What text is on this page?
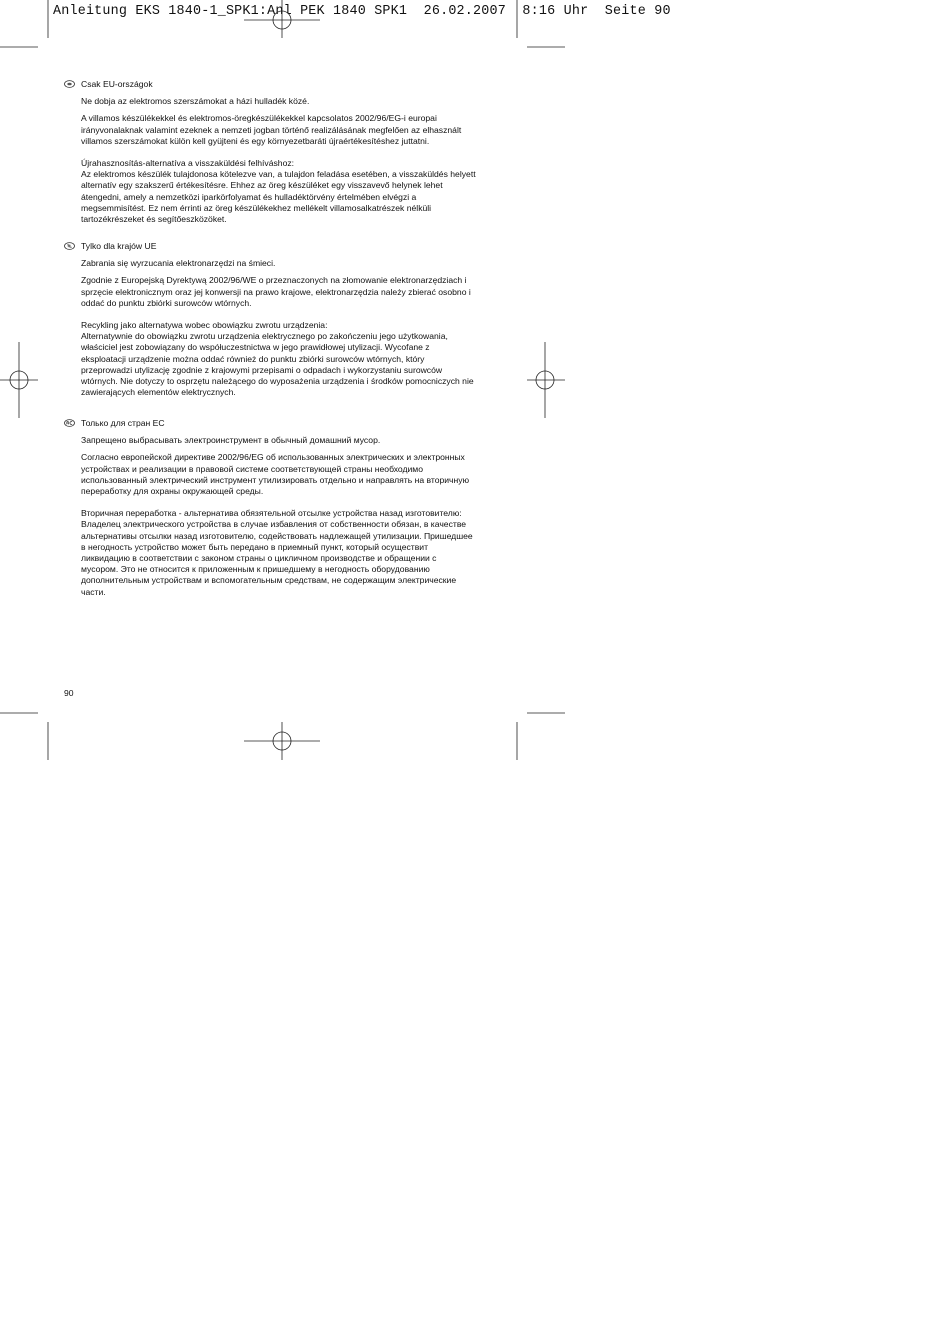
Anleitung EKS 1840-1_SPK1:Anl PEK 1840 SPK1  26.02.2007  8:16 Uhr  Seite 90
Csak EU-országok

Ne dobja az elektromos szerszámokat a házi hulladék közé.

A villamos készülékekkel és elektromos-öregkészülékekkel kapcsolatos 2002/96/EG-i europai
irányvonalaknak valamint ezeknek a nemzeti jogban történő realizálásának megfelően az elhasznált
villamos szerszámokat külön kell gyüjteni és egy környezetbaráti újraértékesítéshez juttatni.

Újrahasznosítás-alternatíva a visszaküldési felhíváshoz:
Az elektromos készülék tulajdonosa kötelezve van, a tulajdon feladása esetében, a visszaküldés helyett
alternatív egy szakszerű értékesítésre. Ehhez az öreg készüléket egy visszavevő helynek lehet
átengedni, amely a nemzetközi iparkörfolyamat és hulladéktörvény értelmében elvégzi a
megsemmisítést. Ez nem érrinti az öreg készülékekhez mellékelt villamosalkatrészek nélküli
tartozékrészeket és segítőeszközöket.

Tylko dla krajów UE

Zabrania się wyrzucania elektronarzędzi na śmieci.

Zgodnie z Europejską Dyrektywą 2002/96/WE o przeznaczonych na złomowanie elektronarzędziach i
sprzęcie elektronicznym oraz jej konwersji na prawo krajowe, elektronarzędzia należy zbierać osobno i
oddać do punktu zbiórki surowców wtórnych.

Recykling jako alternatywa wobec obowiązku zwrotu urządzenia:
Alternatywnie do obowiązku zwrotu urządzenia elektrycznego po zakończeniu jego użytkowania,
właściciel jest zobowiązany do współuczestnictwa w jego prawidłowej utylizacji. Wycofane z
eksploatacji urządzenie można oddać również do punktu zbiórki surowców wtórnych, który
przeprowadzi utylizację zgodnie z krajowymi przepisami o odpadach i wykorzystaniu surowców
wtórnych. Nie dotyczy to osprzętu należącego do wyposażenia urządzenia i środków pomocniczych nie
zawierających elementów elektrycznych.

Только для стран ЕС

Запрещено выбрасывать электроинструмент в обычный домашний мусор.

Согласно европейской директиве 2002/96/EG об использованных электрических и электронных
устройствах и реализации в правовой системе соответствующей страны необходимо
использованный электрический инструмент утилизировать отдельно и направлять на вторичную
переработку для охраны окружающей среды.

Вторичная переработка - альтернатива обязятельной отсылке устройства назад изготовителю:
Владелец электрического устройства в случае избавления от собственности обязан, в качестве
альтернативы отсылки назад изготовителю, содействовать надлежащей утилизации. Пришедшее
в негодность устройство может быть передано в приемный пункт, который осуществит
ликвидацию в соответствии с законом страны о цикличном производстве и обращении с
мусором. Это не относится к приложенным к пришедшему в негодность оборудованию
дополнительным устройствам и вспомогательным средствам, не содержащим электрические
части.

90
